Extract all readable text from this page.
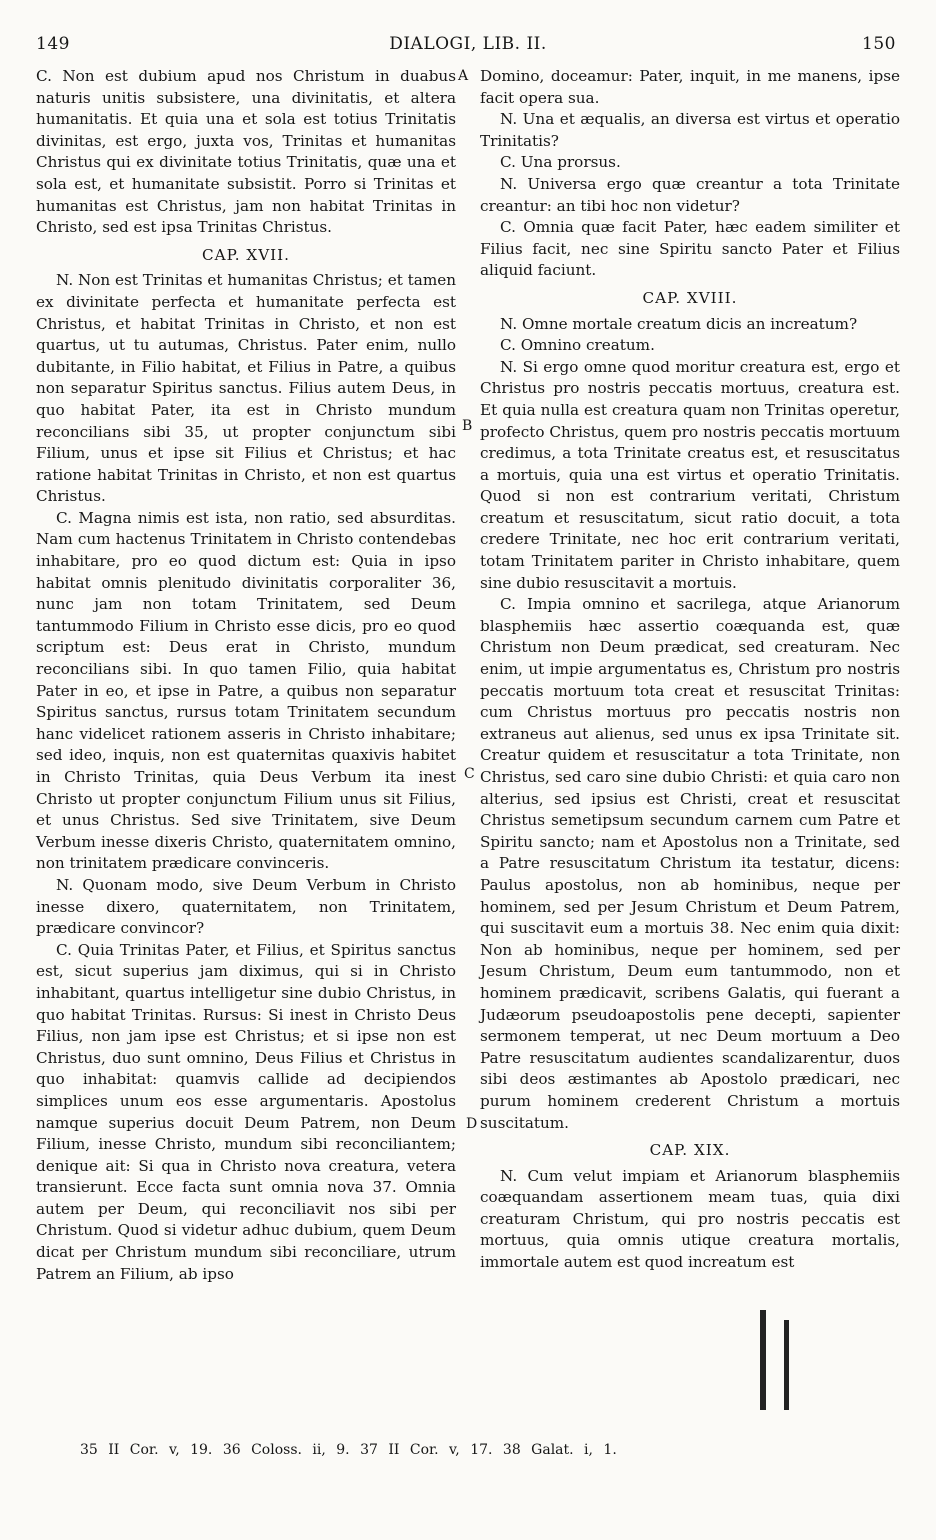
149	DIALOGI, LIB. II.	150
A
B
C
D

C. Non est dubium apud nos Christum in duabus naturis unitis subsistere, una divinitatis, et altera humanitatis. Et quia una et sola est totius Trinitatis divinitas, est ergo, juxta vos, Trinitas et humanitas Christus qui ex divinitate totius Trinitatis, quæ una et sola est, et humanitate subsistit. Porro si Trinitas et humanitas est Christus, jam non habitat Trinitas in Christo, sed est ipsa Trinitas Christus.

CAP. XVII.

N. Non est Trinitas et humanitas Christus; et tamen ex divinitate perfecta et humanitate perfecta est Christus, et habitat Trinitas in Christo, et non est quartus, ut tu autumas, Christus. Pater enim, nullo dubitante, in Filio habitat, et Filius in Patre, a quibus non separatur Spiritus sanctus. Filius autem Deus, in quo habitat Pater, ita est in Christo mundum reconcilians sibi 35, ut propter conjunctum sibi Filium, unus et ipse sit Filius et Christus; et hac ratione habitat Trinitas in Christo, et non est quartus Christus.

C. Magna nimis est ista, non ratio, sed absurditas. Nam cum hactenus Trinitatem in Christo contendebas inhabitare, pro eo quod dictum est: Quia in ipso habitat omnis plenitudo divinitatis corporaliter 36, nunc jam non totam Trinitatem, sed Deum tantummodo Filium in Christo esse dicis, pro eo quod scriptum est: Deus erat in Christo, mundum reconcilians sibi. In quo tamen Filio, quia habitat Pater in eo, et ipse in Patre, a quibus non separatur Spiritus sanctus, rursus totam Trinitatem secundum hanc videlicet rationem asseris in Christo inhabitare; sed ideo, inquis, non est quaternitas quaxivis habitet in Christo Trinitas, quia Deus Verbum ita inest Christo ut propter conjunctum Filium unus sit Filius, et unus Christus. Sed sive Trinitatem, sive Deum Verbum inesse dixeris Christo, quaternitatem omnino, non trinitatem prædicare convinceris.

N. Quonam modo, sive Deum Verbum in Christo inesse dixero, quaternitatem, non Trinitatem, prædicare convincor?

C. Quia Trinitas Pater, et Filius, et Spiritus sanctus est, sicut superius jam diximus, qui si in Christo inhabitant, quartus intelligetur sine dubio Christus, in quo habitat Trinitas. Rursus: Si inest in Christo Deus Filius, non jam ipse est Christus; et si ipse non est Christus, duo sunt omnino, Deus Filius et Christus in quo inhabitat: quamvis callide ad decipiendos simplices unum eos esse argumentaris. Apostolus namque superius docuit Deum Patrem, non Deum Filium, inesse Christo, mundum sibi reconciliantem; denique ait: Si qua in Christo nova creatura, vetera transierunt. Ecce facta sunt omnia nova 37. Omnia autem per Deum, qui reconciliavit nos sibi per Christum. Quod si videtur adhuc dubium, quem Deum dicat per Christum mundum sibi reconciliare, utrum Patrem an Filium, ab ipso

Domino, doceamur: Pater, inquit, in me manens, ipse facit opera sua.

N. Una et æqualis, an diversa est virtus et operatio Trinitatis?

C. Una prorsus.

N. Universa ergo quæ creantur a tota Trinitate creantur: an tibi hoc non videtur?

C. Omnia quæ facit Pater, hæc eadem similiter et Filius facit, nec sine Spiritu sancto Pater et Filius aliquid faciunt.

CAP. XVIII.

N. Omne mortale creatum dicis an increatum?

C. Omnino creatum.

N. Si ergo omne quod moritur creatura est, ergo et Christus pro nostris peccatis mortuus, creatura est. Et quia nulla est creatura quam non Trinitas operetur, profecto Christus, quem pro nostris peccatis mortuum credimus, a tota Trinitate creatus est, et resuscitatus a mortuis, quia una est virtus et operatio Trinitatis. Quod si non est contrarium veritati, Christum creatum et resuscitatum, sicut ratio docuit, a tota credere Trinitate, nec hoc erit contrarium veritati, totam Trinitatem pariter in Christo inhabitare, quem sine dubio resuscitavit a mortuis.

C. Impia omnino et sacrilega, atque Arianorum blasphemiis hæc assertio coæquanda est, quæ Christum non Deum prædicat, sed creaturam. Nec enim, ut impie argumentatus es, Christum pro nostris peccatis mortuum tota creat et resuscitat Trinitas: cum Christus mortuus pro peccatis nostris non extraneus aut alienus, sed unus ex ipsa Trinitate sit. Creatur quidem et resuscitatur a tota Trinitate, non Christus, sed caro sine dubio Christi: et quia caro non alterius, sed ipsius est Christi, creat et resuscitat Christus semetipsum secundum carnem cum Patre et Spiritu sancto; nam et Apostolus non a Trinitate, sed a Patre resuscitatum Christum ita testatur, dicens: Paulus apostolus, non ab hominibus, neque per hominem, sed per Jesum Christum et Deum Patrem, qui suscitavit eum a mortuis 38. Nec enim quia dixit: Non ab hominibus, neque per hominem, sed per Jesum Christum, Deum eum tantummodo, non et hominem prædicavit, scribens Galatis, qui fuerant a Judæorum pseudoapostolis pene decepti, sapienter sermonem temperat, ut nec Deum mortuum a Deo Patre resuscitatum audientes scandalizarentur, duos sibi deos æstimantes ab Apostolo prædicari, nec purum hominem crederent Christum a mortuis suscitatum.

CAP. XIX.

N. Cum velut impiam et Arianorum blasphemiis coæquandam assertionem meam tuas, quia dixi creaturam Christum, qui pro nostris peccatis est mortuus, quia omnis utique creatura mortalis, immortale autem est quod increatum est

35 II Cor. v, 19. 36 Coloss. ii, 9. 37 II Cor. v, 17. 38 Galat. i, 1.
